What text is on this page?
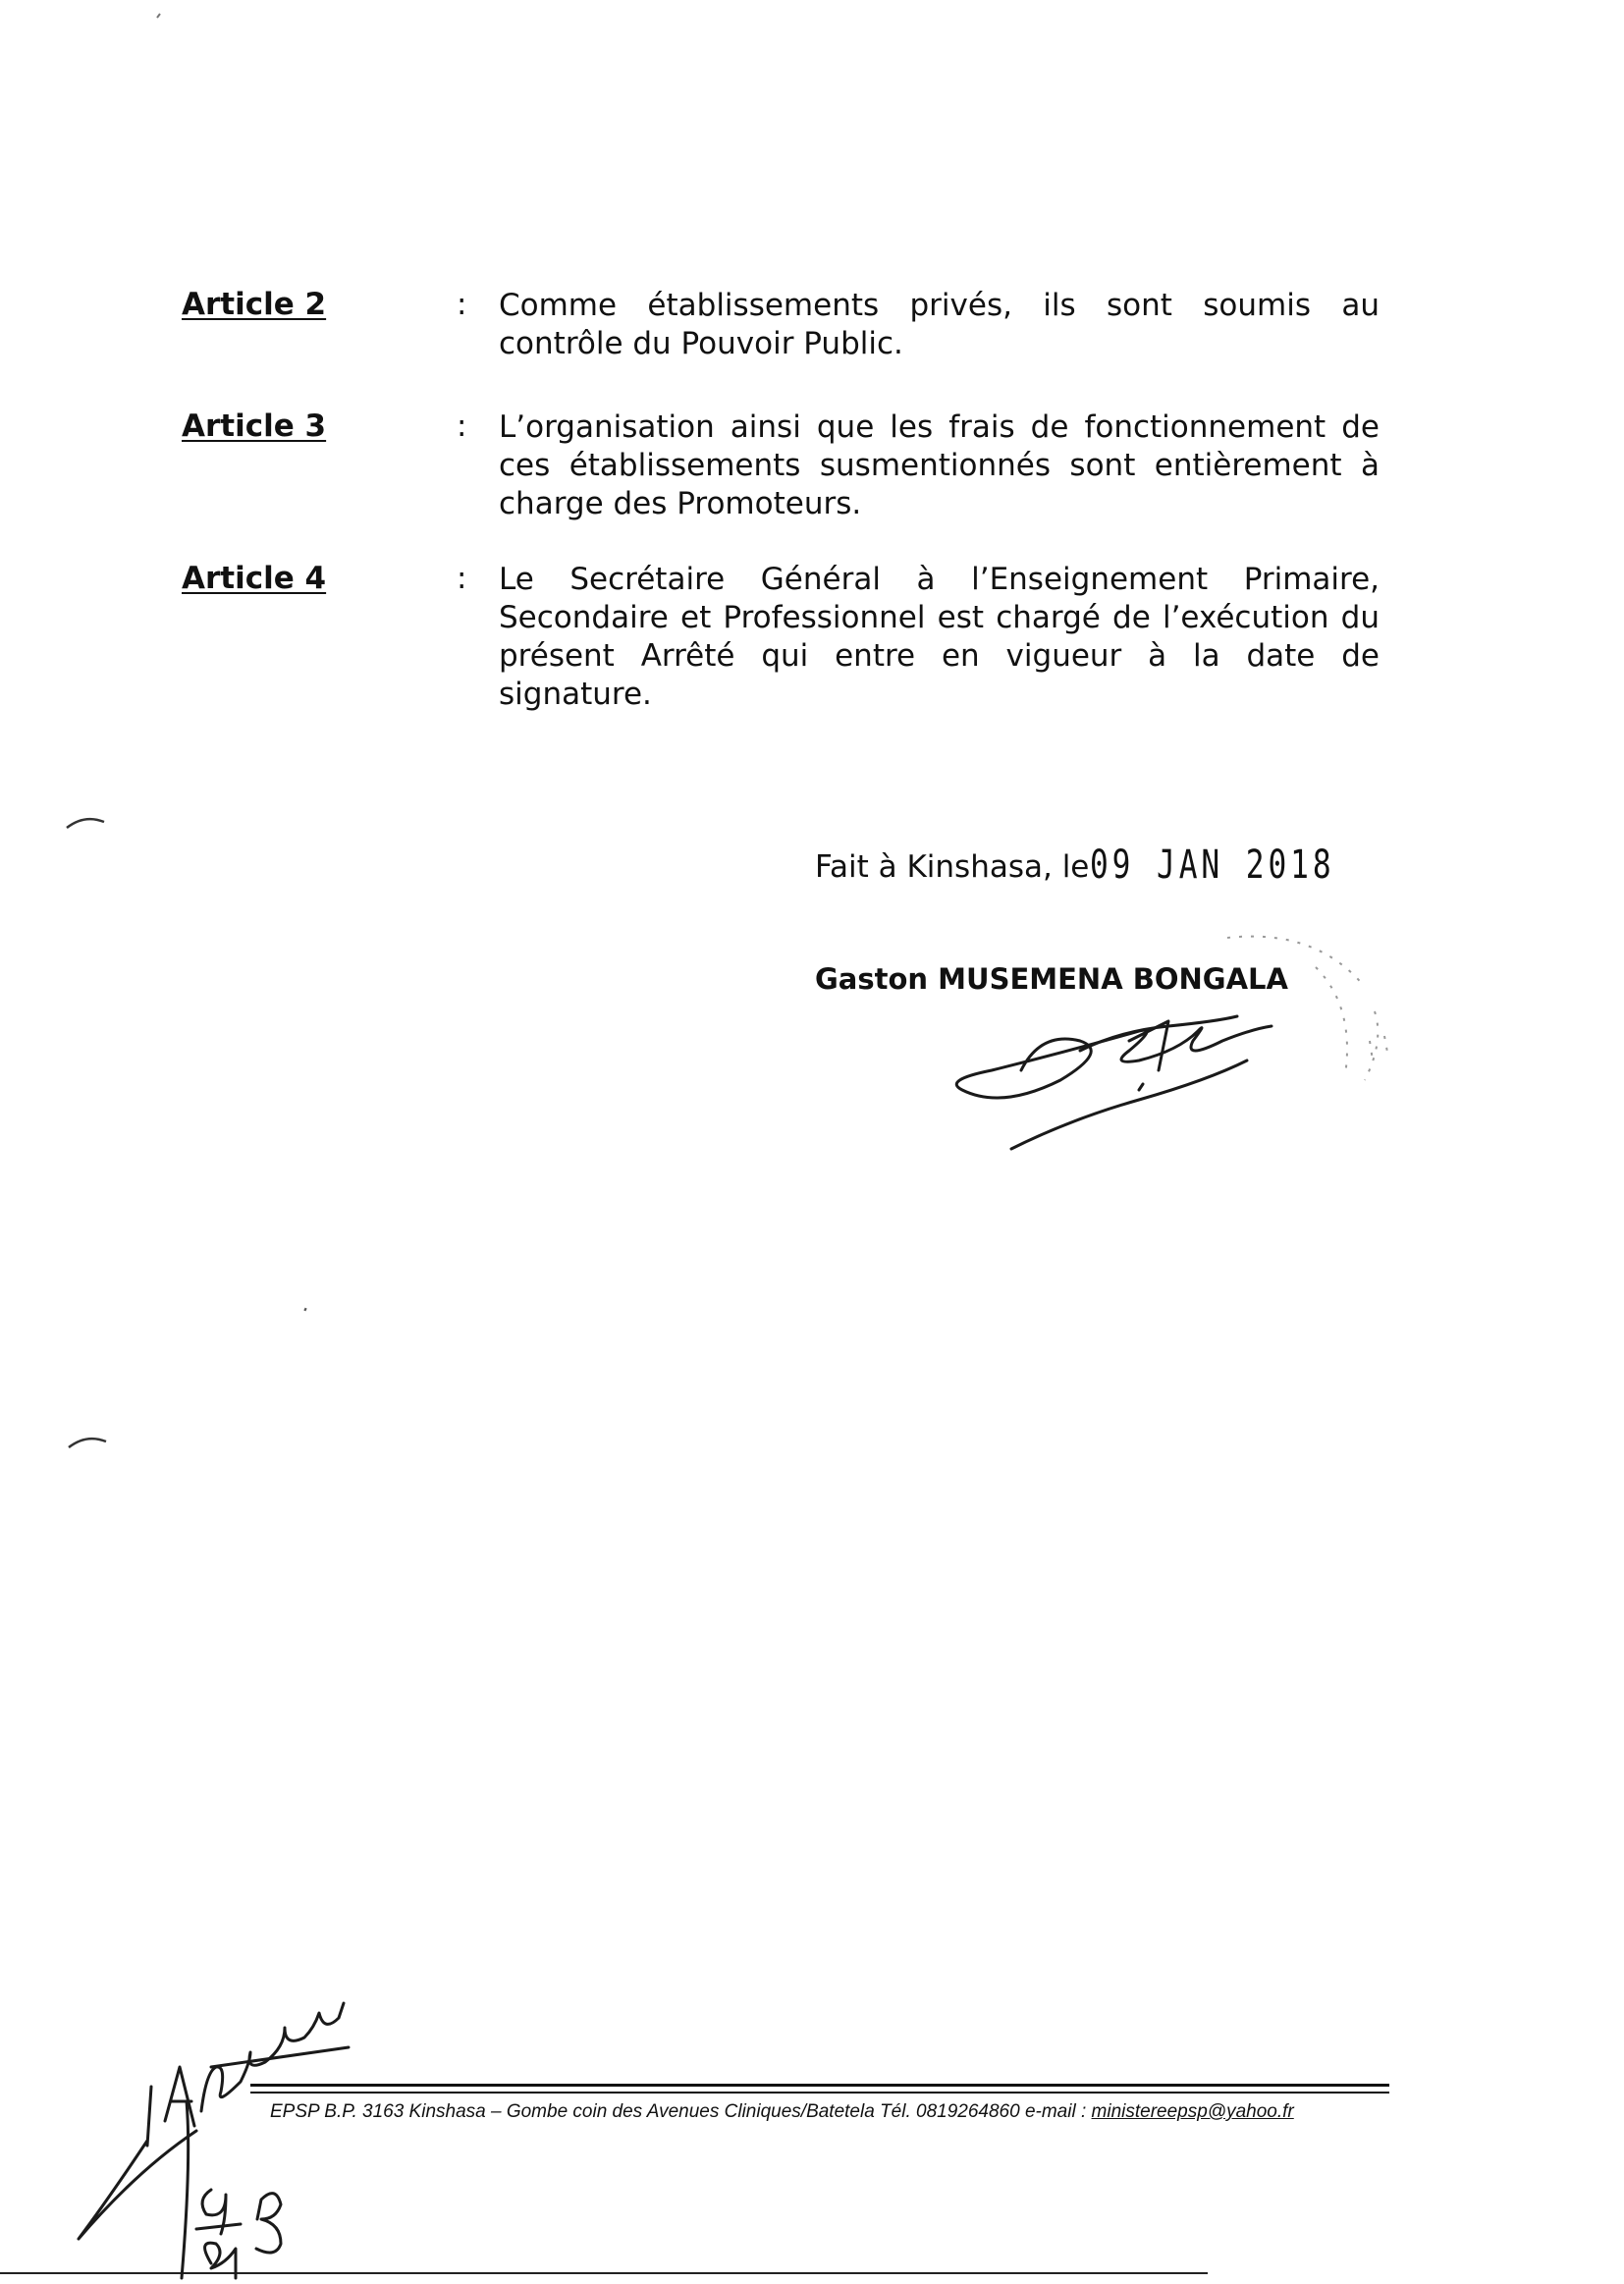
Article 2	: Comme établissements privés, ils sont soumis au contrôle du Pouvoir Public.
Article 3	: L’organisation ainsi que les frais de fonctionnement de ces établissements susmentionnés sont entièrement à charge des Promoteurs.
Article 4	: Le Secrétaire Général à l’Enseignement Primaire, Secondaire et Professionnel est chargé de l’exécution du présent Arrêté qui entre en vigueur à la date de signature.
Fait à Kinshasa, le 09 JAN 2018
Gaston MUSEMENA BONGALA
EPSP B.P. 3163 Kinshasa – Gombe coin des Avenues Cliniques/Batetela Tél. 0819264860 e-mail : ministereepsp@yahoo.fr
